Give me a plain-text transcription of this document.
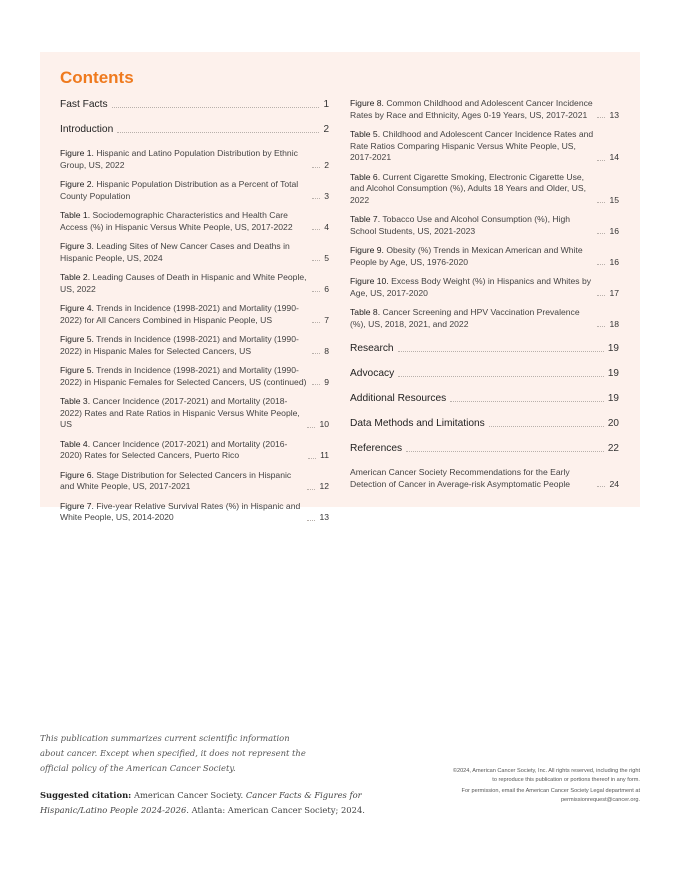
Contents
Fast Facts	1
Introduction	2
Figure 1. Hispanic and Latino Population Distribution by Ethnic Group, US, 2022	2
Figure 2. Hispanic Population Distribution as a Percent of Total County Population	3
Table 1. Sociodemographic Characteristics and Health Care Access (%) in Hispanic Versus White People, US, 2017-2022	4
Figure 3. Leading Sites of New Cancer Cases and Deaths in Hispanic People, US, 2024	5
Table 2. Leading Causes of Death in Hispanic and White People, US, 2022	6
Figure 4. Trends in Incidence (1998-2021) and Mortality (1990-2022) for All Cancers Combined in Hispanic People, US	7
Figure 5. Trends in Incidence (1998-2021) and Mortality (1990-2022) in Hispanic Males for Selected Cancers, US	8
Figure 5. Trends in Incidence (1998-2021) and Mortality (1990-2022) in Hispanic Females for Selected Cancers, US (continued) 9
Table 3. Cancer Incidence (2017-2021) and Mortality (2018-2022) Rates and Rate Ratios in Hispanic Versus White People, US	10
Table 4. Cancer Incidence (2017-2021) and Mortality (2016-2020) Rates for Selected Cancers, Puerto Rico	11
Figure 6. Stage Distribution for Selected Cancers in Hispanic and White People, US, 2017-2021	12
Figure 7. Five-year Relative Survival Rates (%) in Hispanic and White People, US, 2014-2020	13
Figure 8. Common Childhood and Adolescent Cancer Incidence Rates by Race and Ethnicity, Ages 0-19 Years, US, 2017-2021	13
Table 5. Childhood and Adolescent Cancer Incidence Rates and Rate Ratios Comparing Hispanic Versus White People, US, 2017-2021	14
Table 6. Current Cigarette Smoking, Electronic Cigarette Use, and Alcohol Consumption (%), Adults 18 Years and Older, US, 2022	15
Table 7. Tobacco Use and Alcohol Consumption (%), High School Students, US, 2021-2023	16
Figure 9. Obesity (%) Trends in Mexican American and White People by Age, US, 1976-2020	16
Figure 10. Excess Body Weight (%) in Hispanics and Whites by Age, US, 2017-2020	17
Table 8. Cancer Screening and HPV Vaccination Prevalence (%), US, 2018, 2021, and 2022	18
Research	19
Advocacy	19
Additional Resources	19
Data Methods and Limitations	20
References	22
American Cancer Society Recommendations for the Early Detection of Cancer in Average-risk Asymptomatic People	24
This publication summarizes current scientific information about cancer. Except when specified, it does not represent the official policy of the American Cancer Society.
Suggested citation: American Cancer Society. Cancer Facts & Figures for Hispanic/Latino People 2024-2026. Atlanta: American Cancer Society; 2024.
©2024, American Cancer Society, Inc. All rights reserved, including the right to reproduce this publication or portions thereof in any form.
For permission, email the American Cancer Society Legal department at permissionrequest@cancer.org.
